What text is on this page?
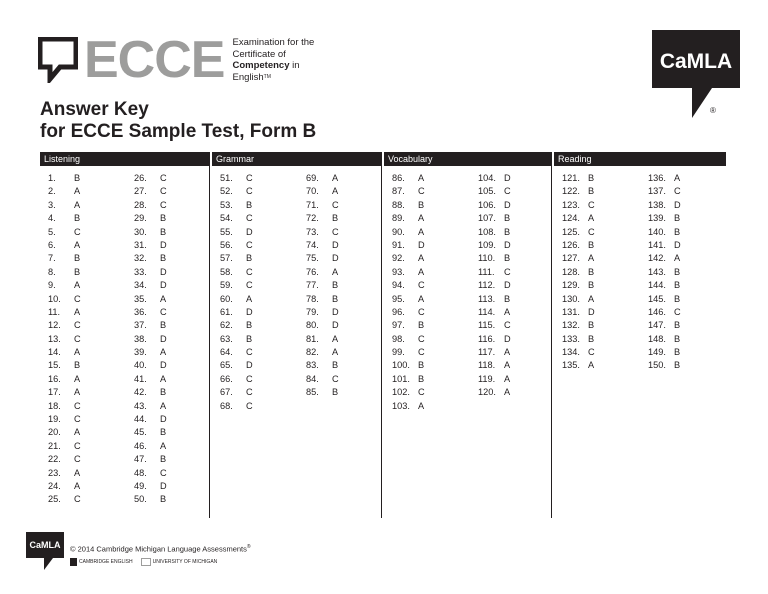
ECCE Examination for the
Certificate of
Competency in
English™
CaMLA
®
Answer Key
for ECCE Sample Test, Form B
Listening
1.	B
2.	A
3.	A
4.	B
5.	C
6.	A
7.	B
8.	B
9.	A
10.	C
11.	A
12.	C
13.	C
14.	A
15.	B
16.	A
17.	A
18.	C
19.	C
20.	A
21.	C
22.	C
23.	A
24.	A
25.	C
26.	C
27.	C
28.	C
29.	B
30.	B
31.	D
32.	B
33.	D
34.	D
35.	A
36.	C
37.	B
38.	D
39.	A
40.	D
41.	A
42.	B
43.	A
44.	D
45.	B
46.	A
47.	B
48.	C
49.	D
50.	B
Grammar
51.	C
52.	C
53.	B
54.	C
55.	D
56.	C
57.	B
58.	C
59.	C
60.	A
61.	D
62.	B
63.	B
64.	C
65.	D
66.	C
67.	C
68.	C
69.	A
70.	A
71.	C
72.	B
73.	C
74.	D
75.	D
76.	A
77.	B
78.	B
79.	D
80.	D
81.	A
82.	A
83.	B
84.	C
85.	B
Vocabulary
86.	A
87.	C
88.	B
89.	A
90.	A
91.	D
92.	A
93.	A
94.	C
95.	A
96.	C
97.	B
98.	C
99.	C
100. B
101. B
102. C
103. A
104. D
105. C
106. D
107. B
108. B
109. D
110. B
111.	C
112. D
113. B
114. A
115. C
116. D
117. A
118. A
119. A
120. A
Reading
121. B
122. B
123. C
124. A
125. C
126. B
127. A
128. B
129. B
130. A
131. D
132. B
133. B
134. C
135. A
136. A
137. C
138. D
139. B
140. B
141. D
142. A
143. B
144. B
145. B
146. C
147. B
148. B
149. B
150. B
CaMLA © 2014 Cambridge Michigan Language Assessments®
CAMBRIDGE ENGLISH	UNIVERSITY OF MICHIGAN
